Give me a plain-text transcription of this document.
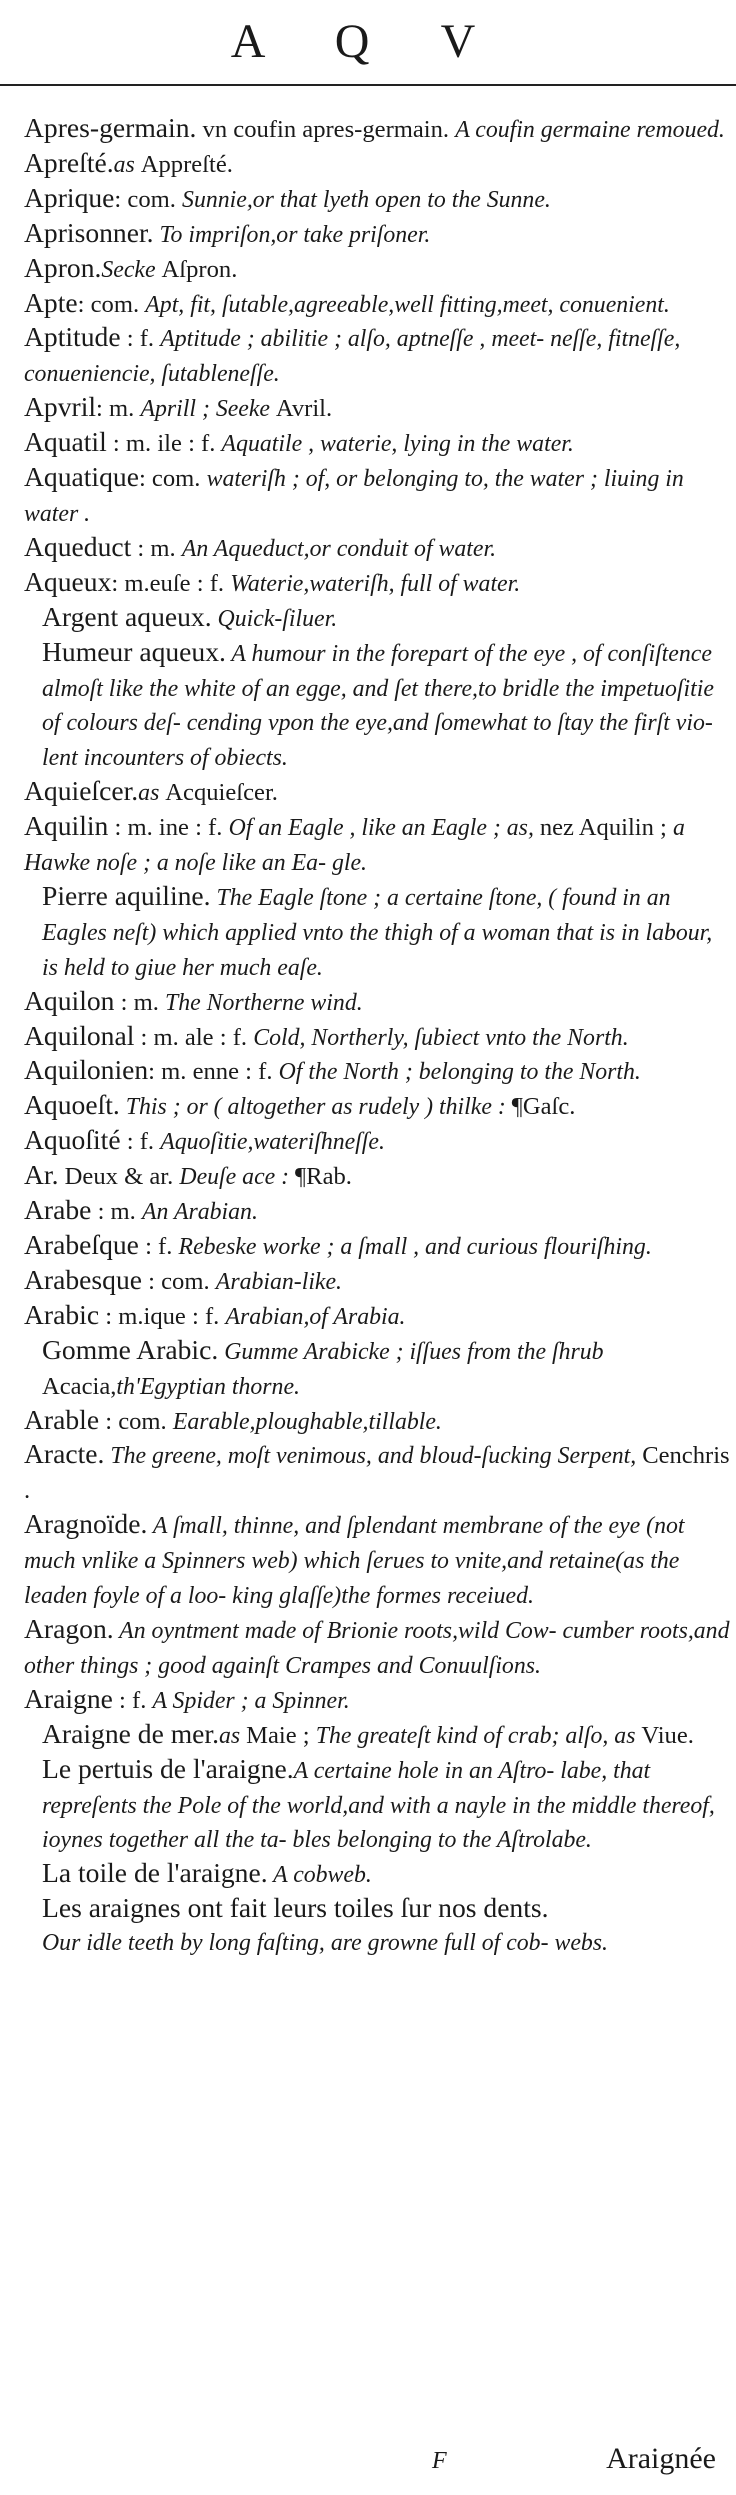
A Q V
Apres-germain. vn coufin apres-germain. A coufin germaine remoued.
Apreſté.as Appreſté.
Aprique: com. Sunnie,or that lyeth open to the Sunne.
Aprisonner. To impriſon,or take priſoner.
Apron.Secke Aſpron.
Apte: com. Apt, fit, ſutable,agreeable,well fitting,meet, conuenient.
Aptitude : f. Aptitude ; abilitie ; alſo, aptneſſe , meet- neſſe, fitneſſe, conueniencie, ſutableneſſe.
Apvril: m. Aprill ; Seeke Avril.
Aquatil : m. ile : f. Aquatile , waterie, lying in the water.
Aquatique: com. wateriſh ; of, or belonging to, the water ; liuing in water .
Aqueduct : m. An Aqueduct,or conduit of water.
Aqueux: m.euſe : f. Waterie,wateriſh, full of water.
Argent aqueux. Quick-ſiluer.
Humeur aqueux. A humour in the forepart of the eye , of conſiſtence almoſt like the white of an egge, and ſet there,to bridle the impetuoſitie of colours deſ- cending vpon the eye,and ſomewhat to ſtay the firſt vio- lent incounters of obiects.
Aquieſcer.as Acquieſcer.
Aquilin : m. ine : f. Of an Eagle , like an Eagle ; as, nez Aquilin ; a Hawke noſe ; a noſe like an Ea- gle.
Pierre aquiline. The Eagle ſtone ; a certaine ſtone, ( found in an Eagles neſt) which applied vnto the thigh of a woman that is in labour, is held to giue her much eaſe.
Aquilon : m. The Northerne wind.
Aquilonal : m. ale : f. Cold, Northerly, ſubiect vnto the North.
Aquilonien: m. enne : f. Of the North ; belonging to the North.
Aquoeſt. This ; or ( altogether as rudely ) thilke : ¶Gaſc.
Aquoſité : f. Aquoſitie,wateriſhneſſe.
Ar. Deux & ar. Deuſe ace : ¶Rab.
Arabe : m. An Arabian.
Arabeſque : f. Rebeske worke ; a ſmall , and curious flouriſhing.
Arabesque : com. Arabian-like.
Arabic : m.ique : f. Arabian,of Arabia.
Gomme Arabic. Gumme Arabicke ; iſſues from the ſhrub Acacia,th'Egyptian thorne.
Arable : com. Earable,ploughable,tillable.
Aracte. The greene, moſt venimous, and bloud-ſucking Serpent, Cenchris .
Aragnoïde. A ſmall, thinne, and ſplendant membrane of the eye (not much vnlike a Spinners web) which ſerues to vnite,and retaine(as the leaden foyle of a loo- king glaſſe)the formes receiued.
Aragon. An oyntment made of Brionie roots,wild Cow- cumber roots,and other things ; good againſt Crampes and Conuulſions.
Araigne : f. A Spider ; a Spinner.
Araigne de mer.as Maie ; The greateſt kind of crab; alſo, as Viue.
Le pertuis de l'araigne.A certaine hole in an Aſtro- labe, that repreſents the Pole of the world,and with a nayle in the middle thereof, ioynes together all the ta- bles belonging to the Aſtrolabe.
La toile de l'araigne. A cobweb.
Les araignes ont fait leurs toiles ſur nos dents.
Our idle teeth by long faſting, are growne full of cob- webs.
F	Araignée
